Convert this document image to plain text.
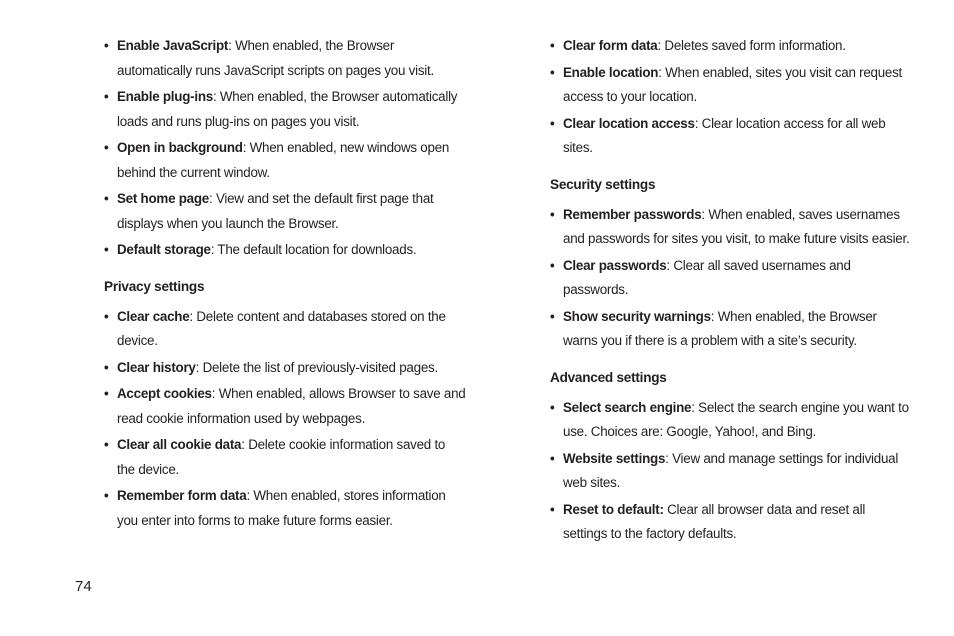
• Enable JavaScript: When enabled, the Browser automatically runs JavaScript scripts on pages you visit.
• Enable plug-ins: When enabled, the Browser automatically loads and runs plug-ins on pages you visit.
• Open in background: When enabled, new windows open behind the current window.
• Set home page: View and set the default first page that displays when you launch the Browser.
• Default storage: The default location for downloads.
Privacy settings
• Clear cache: Delete content and databases stored on the device.
• Clear history: Delete the list of previously-visited pages.
• Accept cookies: When enabled, allows Browser to save and read cookie information used by webpages.
• Clear all cookie data: Delete cookie information saved to the device.
• Remember form data: When enabled, stores information you enter into forms to make future forms easier.
• Clear form data: Deletes saved form information.
• Enable location: When enabled, sites you visit can request access to your location.
• Clear location access: Clear location access for all web sites.
Security settings
• Remember passwords: When enabled, saves usernames and passwords for sites you visit, to make future visits easier.
• Clear passwords: Clear all saved usernames and passwords.
• Show security warnings: When enabled, the Browser warns you if there is a problem with a site’s security.
Advanced settings
• Select search engine: Select the search engine you want to use. Choices are: Google, Yahoo!, and Bing.
• Website settings: View and manage settings for individual web sites.
• Reset to default: Clear all browser data and reset all settings to the factory defaults.
74
